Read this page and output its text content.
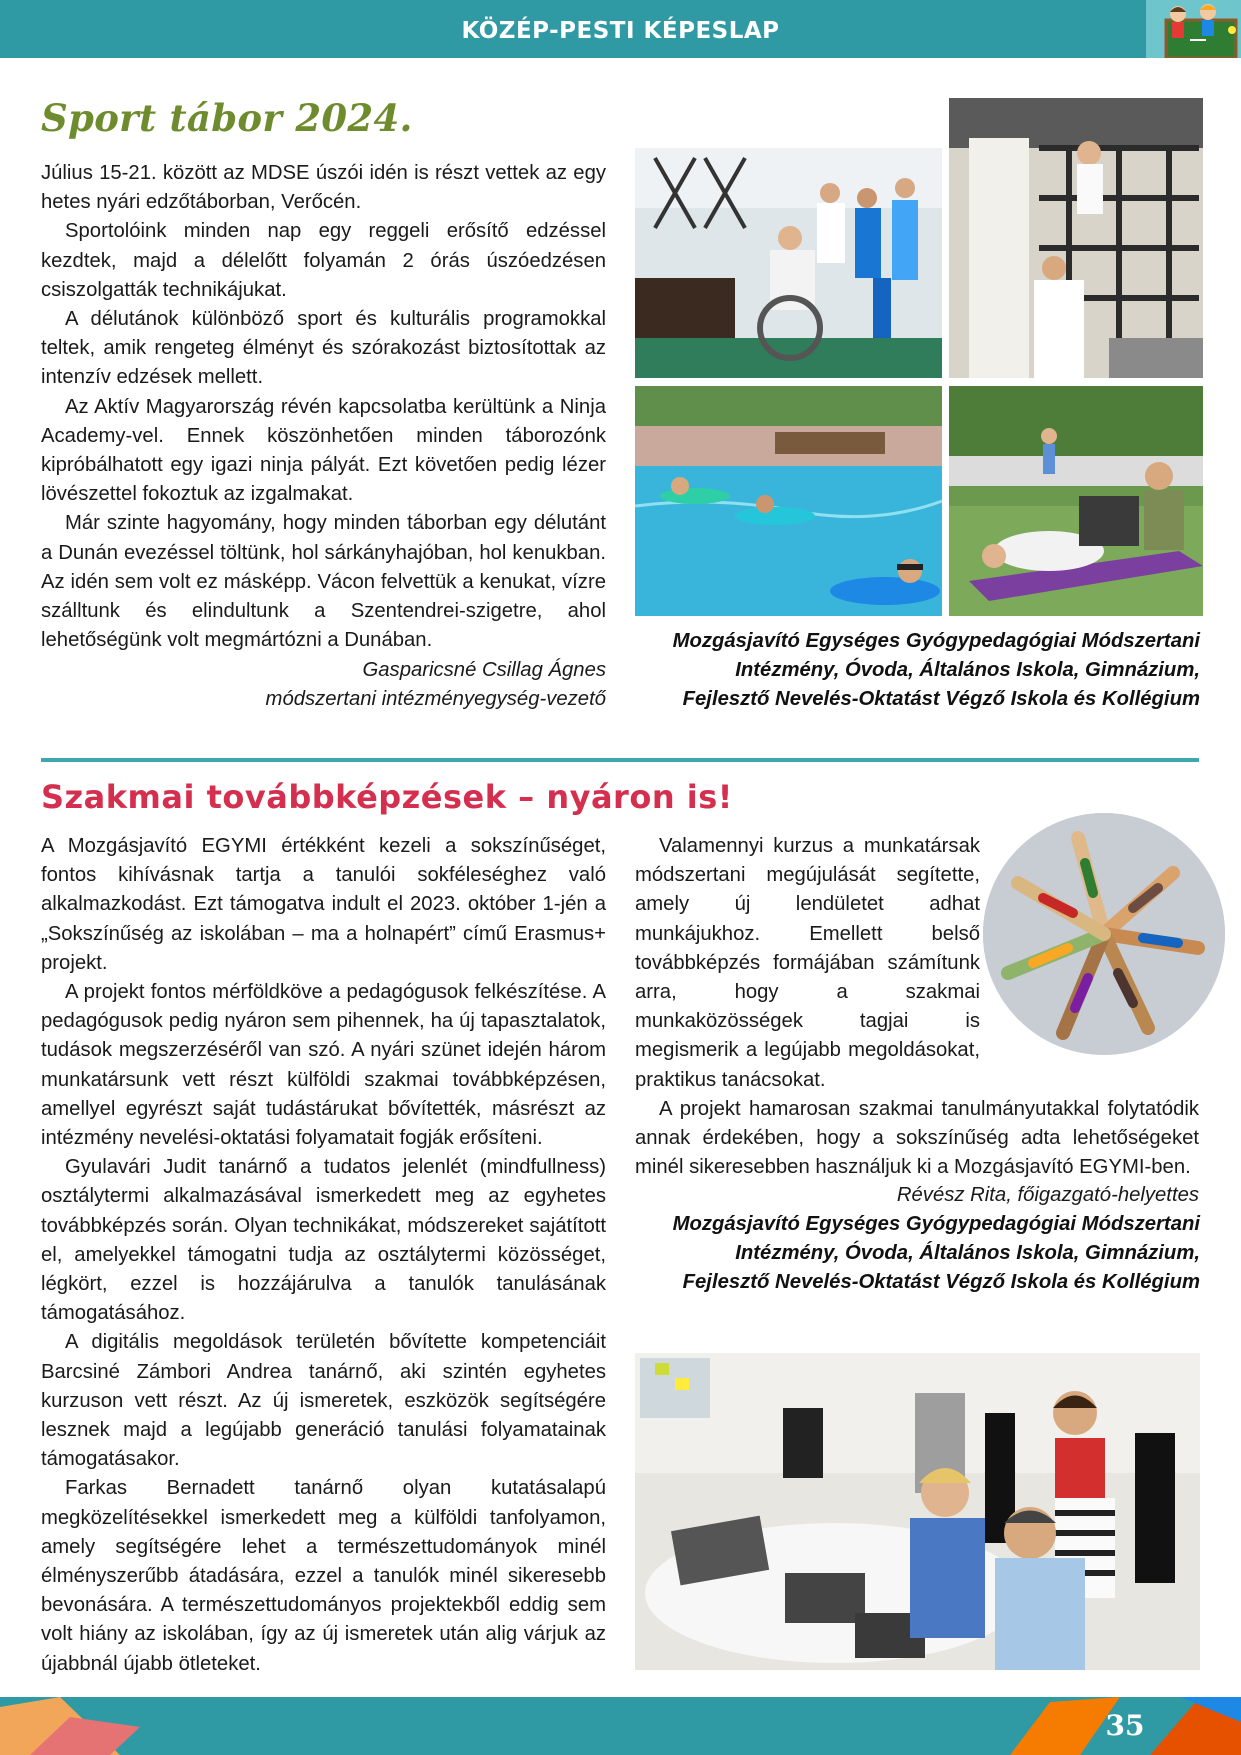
KÖZÉP-PESTI KÉPESLAP
Sport tábor 2024.

Július 15-21. között az MDSE úszói idén is részt vettek az egy hetes nyári edzőtáborban, Verőcén.

Sportolóink minden nap egy reggeli erősítő edzéssel kezdtek, majd a délelőtt folyamán 2 órás úszóedzésen csiszolgatták technikájukat.

A délutánok különböző sport és kulturális programokkal teltek, amik rengeteg élményt és szórakozást biztosítottak az intenzív edzések mellett.

Az Aktív Magyarország révén kapcsolatba kerültünk a Ninja Academy-vel. Ennek köszönhetően minden táborozónk kipróbálhatott egy igazi ninja pályát. Ezt követően pedig lézer lövészettel fokoztuk az izgalmakat.

Már szinte hagyomány, hogy minden táborban egy délutánt a Dunán evezéssel töltünk, hol sárkányhajóban, hol kenukban. Az idén sem volt ez másképp. Vácon felvettük a kenukat, vízre szálltunk és elindultunk a Szentendrei-szigetre, ahol lehetőségünk volt megmártózni a Dunában.

Gasparicsné Csillag Ágnes
módszertani intézményegység-vezető
Mozgásjavító Egységes Gyógypedagógiai Módszertani
Intézmény, Óvoda, Általános Iskola, Gimnázium,
Fejlesztő Nevelés-Oktatást Végző Iskola és Kollégium
Szakmai továbbképzések – nyáron is!

A Mozgásjavító EGYMI értékként kezeli a sokszínűséget, fontos kihívásnak tartja a tanulói sokféleséghez való alkalmazkodást. Ezt támogatva indult el 2023. október 1-jén a „Sokszínűség az iskolában – ma a holnapért” című Erasmus+ projekt.

A projekt fontos mérföldköve a pedagógusok felkészítése. A pedagógusok pedig nyáron sem pihennek, ha új tapasztalatok, tudások megszerzéséről van szó. A nyári szünet idején három munkatársunk vett részt külföldi szakmai továbbképzésen, amellyel egyrészt saját tudástárukat bővítették, másrészt az intézmény nevelési-oktatási folyamatait fogják erősíteni.

Gyulavári Judit tanárnő a tudatos jelenlét (mindfullness) osztálytermi alkalmazásával ismerkedett meg az egyhetes továbbképzés során. Olyan technikákat, módszereket sajátított el, amelyekkel támogatni tudja az osztálytermi közösséget, légkört, ezzel is hozzájárulva a tanulók tanulásának támogatásához.

A digitális megoldások területén bővítette kompetenciáit Barcsiné Zámbori Andrea tanárnő, aki szintén egyhetes kurzuson vett részt. Az új ismeretek, eszközök segítségére lesznek majd a legújabb generáció tanulási folyamatainak támogatásakor.

Farkas Bernadett tanárnő olyan kutatásalapú megközelítésekkel ismerkedett meg a külföldi tanfolyamon, amely segítségére lehet a természettudományok minél élményszerűbb átadására, ezzel a tanulók minél sikeresebb bevonására. A természettudományos projektekből eddig sem volt hiány az iskolában, így az új ismeretek után alig várjuk az újabbnál újabb ötleteket.

Valamennyi kurzus a munkatársak módszertani megújulását segítette, amely új lendületet adhat munkájukhoz. Emellett belső továbbképzés formájában számítunk arra, hogy a szakmai munkaközösségek tagjai is megismerik a legújabb megoldásokat, praktikus tanácsokat.

A projekt hamarosan szakmai tanulmányutakkal folytatódik annak érdekében, hogy a sokszínűség adta lehetőségeket minél sikeresebben használjuk ki a Mozgásjavító EGYMI-ben.

Révész Rita, főigazgató-helyettes
Mozgásjavító Egységes Gyógypedagógiai Módszertani
Intézmény, Óvoda, Általános Iskola, Gimnázium,
Fejlesztő Nevelés-Oktatást Végző Iskola és Kollégium
35
